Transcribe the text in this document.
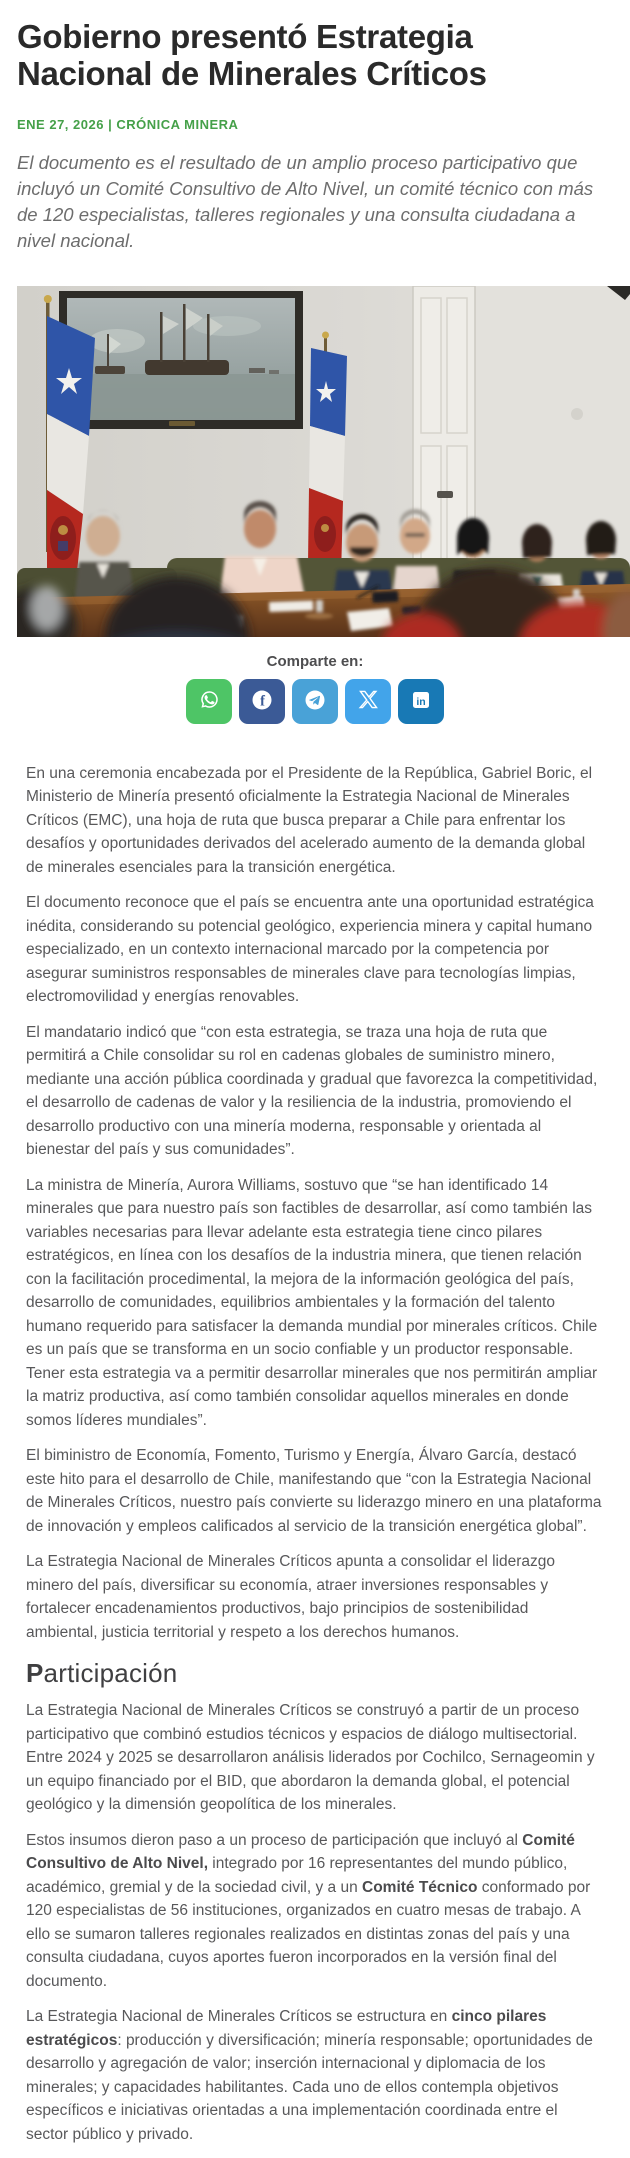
Gobierno presentó Estrategia Nacional de Minerales Críticos
ENE 27, 2026 | CRÓNICA MINERA

El documento es el resultado de un amplio proceso participativo que incluyó un Comité Consultivo de Alto Nivel, un comité técnico con más de 120 especialistas, talleres regionales y una consulta ciudadana a nivel nacional.

Comparte en:
f	in

En una ceremonia encabezada por el Presidente de la República, Gabriel Boric, el Ministerio de Minería presentó oficialmente la Estrategia Nacional de Minerales Críticos (EMC), una hoja de ruta que busca preparar a Chile para enfrentar los desafíos y oportunidades derivados del acelerado aumento de la demanda global de minerales esenciales para la transición energética.

El documento reconoce que el país se encuentra ante una oportunidad estratégica inédita, considerando su potencial geológico, experiencia minera y capital humano especializado, en un contexto internacional marcado por la competencia por asegurar suministros responsables de minerales clave para tecnologías limpias, electromovilidad y energías renovables.

El mandatario indicó que “con esta estrategia, se traza una hoja de ruta que permitirá a Chile consolidar su rol en cadenas globales de suministro minero, mediante una acción pública coordinada y gradual que favorezca la competitividad, el desarrollo de cadenas de valor y la resiliencia de la industria, promoviendo el desarrollo productivo con una minería moderna, responsable y orientada al bienestar del país y sus comunidades”.

La ministra de Minería, Aurora Williams, sostuvo que “se han identificado 14 minerales que para nuestro país son factibles de desarrollar, así como también las variables necesarias para llevar adelante esta estrategia tiene cinco pilares estratégicos, en línea con los desafíos de la industria minera, que tienen relación con la facilitación procedimental, la mejora de la información geológica del país, desarrollo de comunidades, equilibrios ambientales y la formación del talento humano requerido para satisfacer la demanda mundial por minerales críticos. Chile es un país que se transforma en un socio confiable y un productor responsable. Tener esta estrategia va a permitir desarrollar minerales que nos permitirán ampliar la matriz productiva, así como también consolidar aquellos minerales en donde somos líderes mundiales”.

El biministro de Economía, Fomento, Turismo y Energía, Álvaro García, destacó este hito para el desarrollo de Chile, manifestando que “con la Estrategia Nacional de Minerales Críticos, nuestro país convierte su liderazgo minero en una plataforma de innovación y empleos calificados al servicio de la transición energética global”.

La Estrategia Nacional de Minerales Críticos apunta a consolidar el liderazgo minero del país, diversificar su economía, atraer inversiones responsables y fortalecer encadenamientos productivos, bajo principios de sostenibilidad ambiental, justicia territorial y respeto a los derechos humanos.

Participación

La Estrategia Nacional de Minerales Críticos se construyó a partir de un proceso participativo que combinó estudios técnicos y espacios de diálogo multisectorial. Entre 2024 y 2025 se desarrollaron análisis liderados por Cochilco, Sernageomin y un equipo financiado por el BID, que abordaron la demanda global, el potencial geológico y la dimensión geopolítica de los minerales.

Estos insumos dieron paso a un proceso de participación que incluyó al Comité Consultivo de Alto Nivel, integrado por 16 representantes del mundo público, académico, gremial y de la sociedad civil, y a un Comité Técnico conformado por 120 especialistas de 56 instituciones, organizados en cuatro mesas de trabajo. A ello se sumaron talleres regionales realizados en distintas zonas del país y una consulta ciudadana, cuyos aportes fueron incorporados en la versión final del documento.

La Estrategia Nacional de Minerales Críticos se estructura en cinco pilares estratégicos: producción y diversificación; minería responsable; oportunidades de desarrollo y agregación de valor; inserción internacional y diplomacia de los minerales; y capacidades habilitantes. Cada uno de ellos contempla objetivos específicos e iniciativas orientadas a una implementación coordinada entre el sector público y privado.
